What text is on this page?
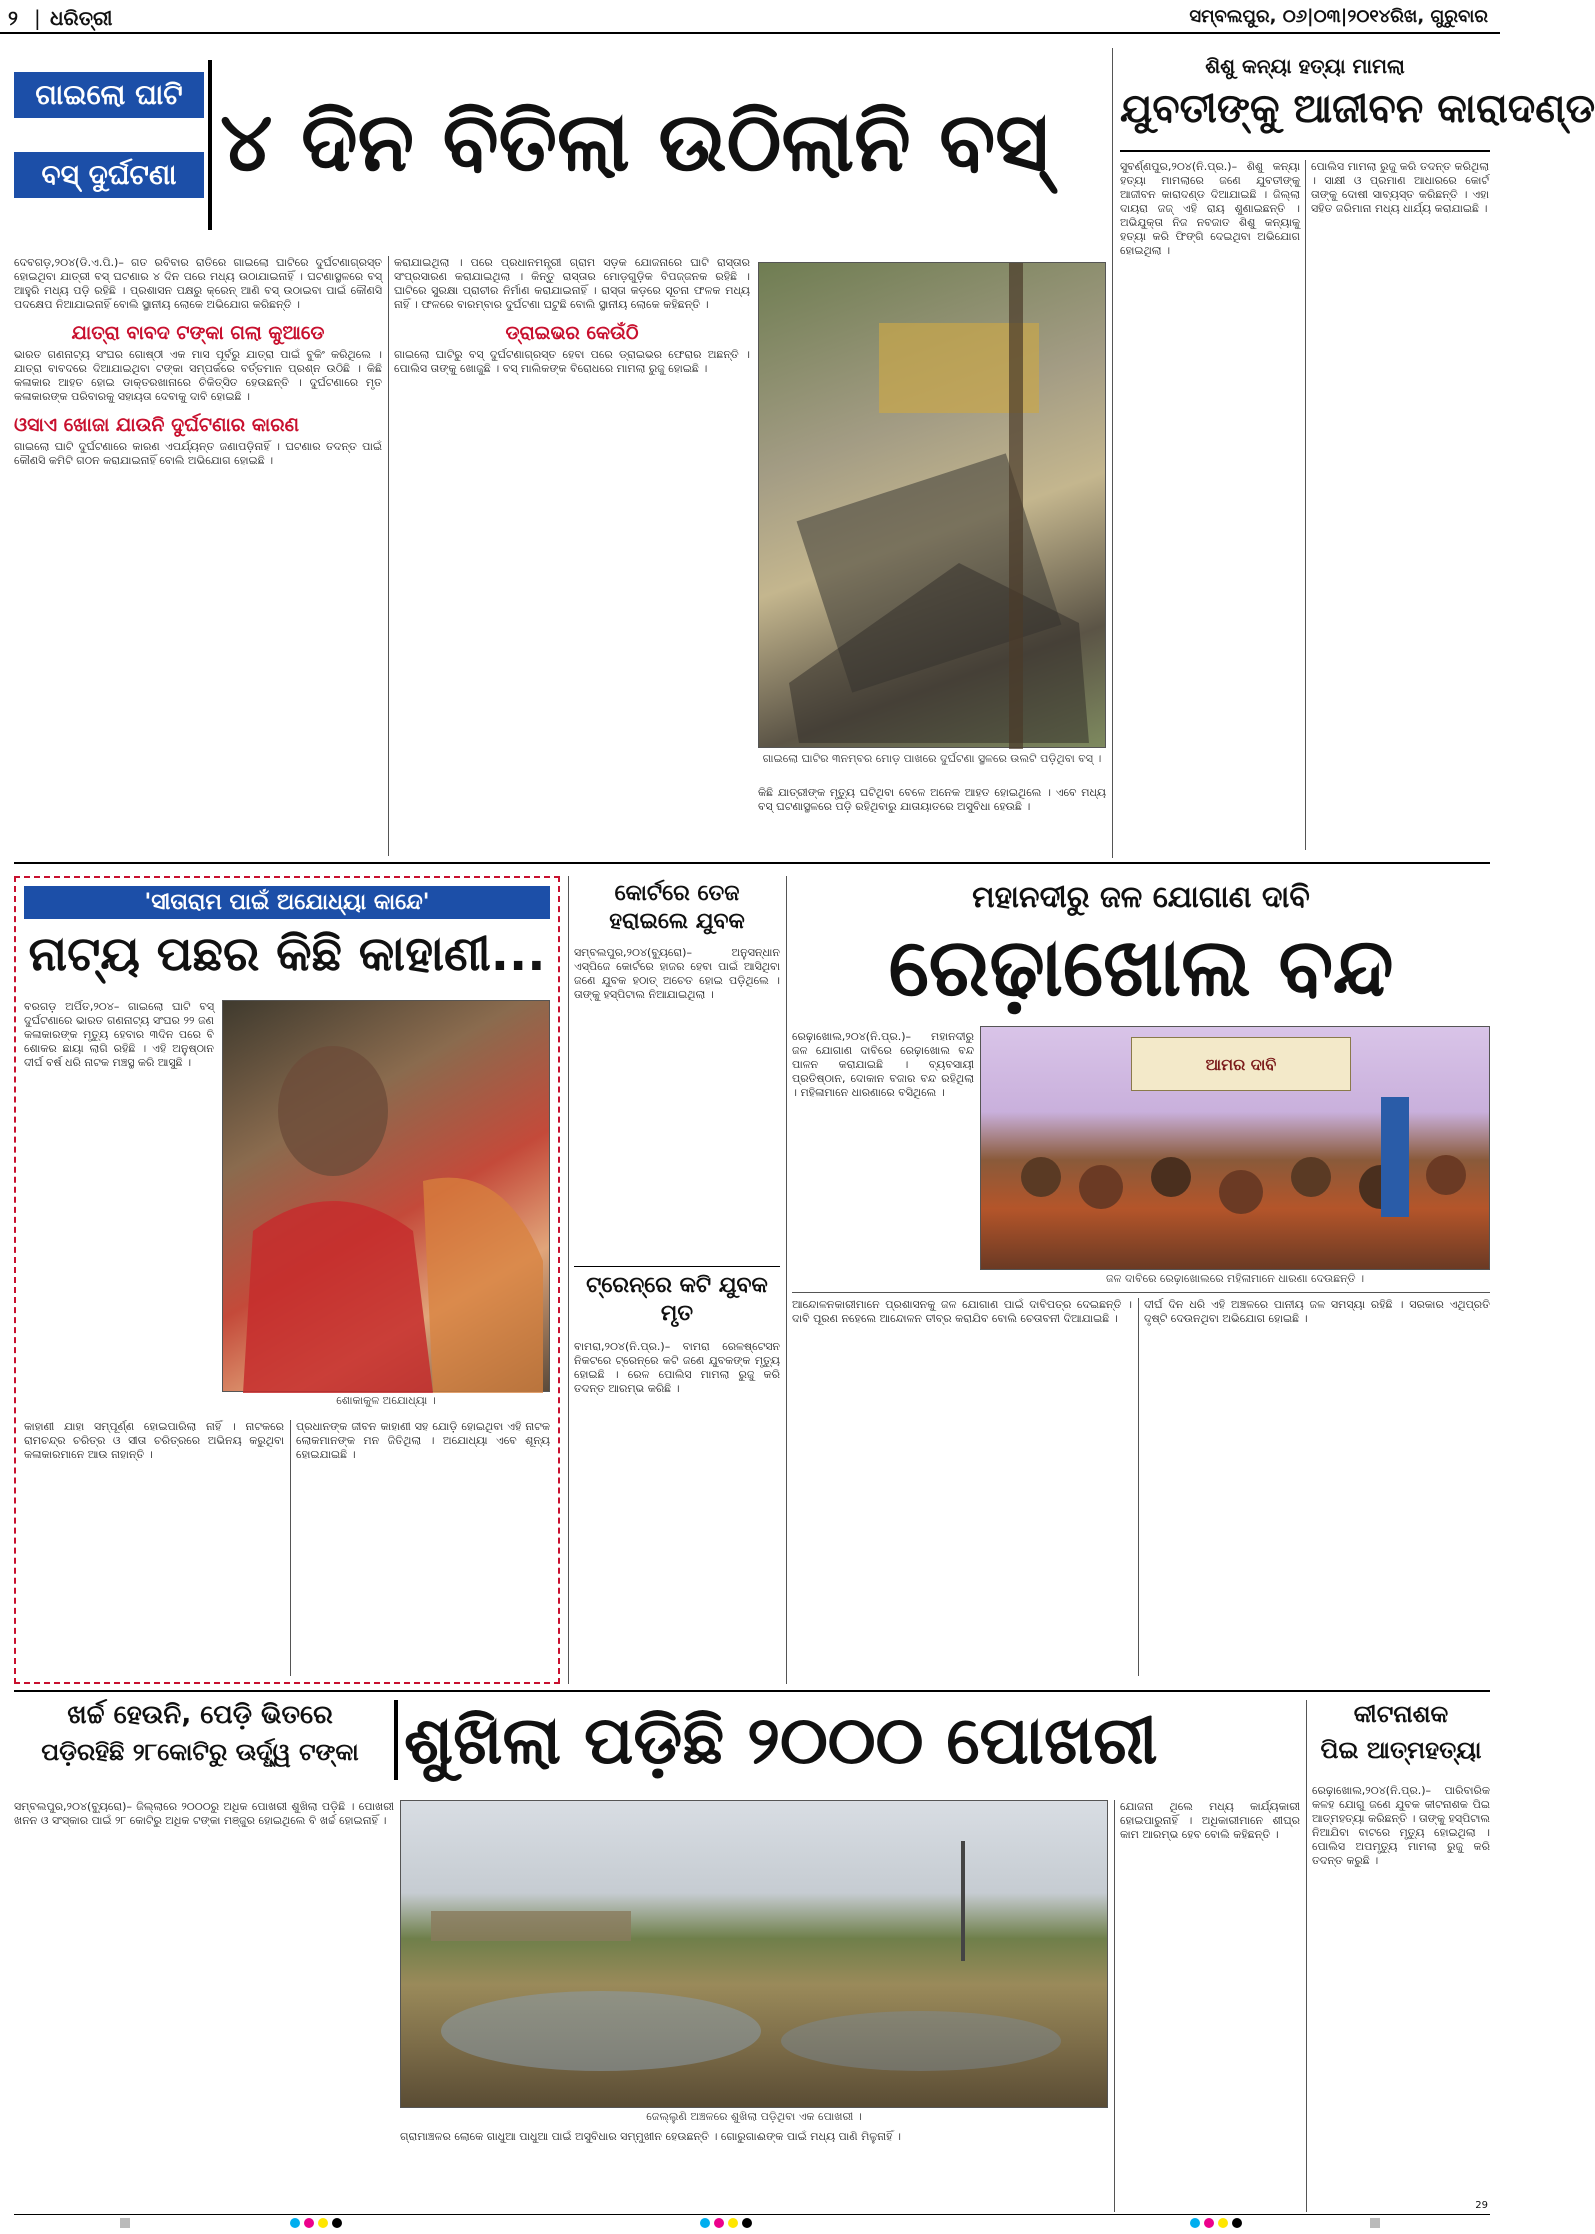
୨ | ଧରିତ୍ରୀ	ସମ୍ବଲପୁର, ୦୬|୦୩|୨୦୧୪ରିଖ, ଗୁରୁବାର
ଗାଇଲୋ ଘାଟି
ବସ୍ ଦୁର୍ଘଟଣା ୪ ଦିନ ବିତିଲା ଉଠିଲାନି ବସ୍

ଦେବଗଡ଼,୨୦୪(ଡି.ଏ.ପି.)– ଗତ ରବିବାର ରାତିରେ ଗାଇଲୋ ଘାଟିରେ ଦୁର୍ଘଟଣାଗ୍ରସ୍ତ ହୋଇଥିବା ଯାତ୍ରୀ ବସ୍ ଘଟଣାର ୪ ଦିନ ପରେ ମଧ୍ୟ ଉଠାଯାଇନାହିଁ । ଘଟଣାସ୍ଥଳରେ ବସ୍ ଆହୁରି ମଧ୍ୟ ପଡ଼ି ରହିଛି । ପ୍ରଶାସନ ପକ୍ଷରୁ କ୍ରେନ୍ ଆଣି ବସ୍ ଉଠାଇବା ପାଇଁ କୌଣସି ପଦକ୍ଷେପ ନିଆଯାଇନାହିଁ ବୋଲି ସ୍ଥାନୀୟ ଲୋକେ ଅଭିଯୋଗ କରିଛନ୍ତି ।

ଯାତ୍ରା ବାବଦ ଟଙ୍କା ଗଲା କୁଆଡେ

ଭାରତ ଗଣନାଟ୍ୟ ସଂଘର ଗୋଷ୍ଠୀ ଏକ ମାସ ପୂର୍ବରୁ ଯାତ୍ରା ପାଇଁ ବୁକିଂ କରିଥିଲେ । ଯାତ୍ରା ବାବଦରେ ଦିଆଯାଇଥିବା ଟଙ୍କା ସମ୍ପର୍କରେ ବର୍ତ୍ତମାନ ପ୍ରଶ୍ନ ଉଠିଛି । କିଛି କଳାକାର ଆହତ ହୋଇ ଡାକ୍ତରଖାନାରେ ଚିକିତ୍ସିତ ହେଉଛନ୍ତି । ଦୁର୍ଘଟଣାରେ ମୃତ କଳାକାରଙ୍କ ପରିବାରକୁ ସହାୟତା ଦେବାକୁ ଦାବି ହୋଇଛି ।

ଓସାଏ ଖୋଜା ଯାଉନି ଦୁର୍ଘଟଣାର କାରଣ

ଗାଇଲୋ ଘାଟି ଦୁର୍ଘଟଣାରେ କାରଣ ଏପର୍ଯ୍ୟନ୍ତ ଜଣାପଡ଼ିନାହିଁ । ଘଟଣାର ତଦନ୍ତ ପାଇଁ କୌଣସି କମିଟି ଗଠନ କରାଯାଇନାହିଁ ବୋଲି ଅଭିଯୋଗ ହୋଇଛି ।

କରାଯାଇଥିଲା । ପରେ ପ୍ରଧାନମନ୍ତ୍ରୀ ଗ୍ରାମ ସଡ଼କ ଯୋଜନାରେ ଘାଟି ରାସ୍ତାର ସଂପ୍ରସାରଣ କରାଯାଇଥିଲା । କିନ୍ତୁ ରାସ୍ତାର ମୋଡ଼ଗୁଡ଼ିକ ବିପଜ୍ଜନକ ରହିଛି । ଘାଟିରେ ସୁରକ୍ଷା ପ୍ରାଚୀର ନିର୍ମାଣ କରାଯାଇନାହିଁ । ରାସ୍ତା କଡ଼ରେ ସୂଚନା ଫଳକ ମଧ୍ୟ ନାହିଁ । ଫଳରେ ବାରମ୍ବାର ଦୁର୍ଘଟଣା ଘଟୁଛି ବୋଲି ସ୍ଥାନୀୟ ଲୋକେ କହିଛନ୍ତି ।

ଡ୍ରାଇଭର କେଉଁଠି

ଗାଇଲୋ ଘାଟିରୁ ବସ୍ ଦୁର୍ଘଟଣାଗ୍ରସ୍ତ ହେବା ପରେ ଡ୍ରାଇଭର ଫେରାର ଅଛନ୍ତି । ପୋଲିସ ତାଙ୍କୁ ଖୋଜୁଛି । ବସ୍ ମାଲିକଙ୍କ ବିରୋଧରେ ମାମଲା ରୁଜୁ ହୋଇଛି ।

ଗାଇଲୋ ଘାଟିର ୩ନମ୍ବର ମୋଡ଼ ପାଖରେ ଦୁର୍ଘଟଣା ସ୍ଥଳରେ ଉଲଟି ପଡ଼ିଥିବା ବସ୍ ।

କିଛି ଯାତ୍ରୀଙ୍କ ମୃତ୍ୟୁ ଘଟିଥିବା ବେଳେ ଅନେକ ଆହତ ହୋଇଥିଲେ । ଏବେ ମଧ୍ୟ ବସ୍ ଘଟଣାସ୍ଥଳରେ ପଡ଼ି ରହିଥିବାରୁ ଯାତାୟାତରେ ଅସୁବିଧା ହେଉଛି ।

ଶିଶୁ କନ୍ୟା ହତ୍ୟା ମାମଲା
ଯୁବତୀଙ୍କୁ ଆଜୀବନ କାରାଦଣ୍ଡ

ସୁବର୍ଣ୍ଣପୁର,୨୦୪(ନି.ପ୍ର.)– ଶିଶୁ କନ୍ୟା ହତ୍ୟା ମାମଲାରେ ଜଣେ ଯୁବତୀଙ୍କୁ ଆଜୀବନ କାରାଦଣ୍ଡ ଦିଆଯାଇଛି । ଜିଲ୍ଲା ଦାୟରା ଜଜ୍ ଏହି ରାୟ ଶୁଣାଇଛନ୍ତି । ଅଭିଯୁକ୍ତା ନିଜ ନବଜାତ ଶିଶୁ କନ୍ୟାକୁ ହତ୍ୟା କରି ଫିଙ୍ଗି ଦେଇଥିବା ଅଭିଯୋଗ ହୋଇଥିଲା ।

ପୋଲିସ ମାମଲା ରୁଜୁ କରି ତଦନ୍ତ କରିଥିଲା । ସାକ୍ଷୀ ଓ ପ୍ରମାଣ ଆଧାରରେ କୋର୍ଟ ତାଙ୍କୁ ଦୋଷୀ ସାବ୍ୟସ୍ତ କରିଛନ୍ତି । ଏହା ସହିତ ଜରିମାନା ମଧ୍ୟ ଧାର୍ଯ୍ୟ କରାଯାଇଛି ।

'ସୀତାରାମ ପାଇଁ ଅଯୋଧ୍ୟା କାନ୍ଦେ'
ନାଟ୍ୟ ପଛର କିଛି କାହାଣୀ...

ବରଗଡ଼ ଅର୍ପିତ,୨୦୪– ଗାଇଲୋ ଘାଟି ବସ୍ ଦୁର୍ଘଟଣାରେ ଭାରତ ଗଣନାଟ୍ୟ ସଂଘର ୨୨ ଜଣ କଳାକାରଙ୍କ ମୃତ୍ୟୁ ହେବାର ୩ଦିନ ପରେ ବି ଶୋକର ଛାୟା ଲାଗି ରହିଛି । ଏହି ଅନୁଷ୍ଠାନ ଦୀର୍ଘ ବର୍ଷ ଧରି ନାଟକ ମଞ୍ଚସ୍ଥ କରି ଆସୁଛି ।

ଶୋକାକୁଳ ଅଯୋଧ୍ୟା ।

କାହାଣୀ ଯାହା ସମ୍ପୂର୍ଣ୍ଣ ହୋଇପାରିଲା ନାହିଁ । ନାଟକରେ ରାମଚନ୍ଦ୍ର ଚରିତ୍ର ଓ ସୀତା ଚରିତ୍ରରେ ଅଭିନୟ କରୁଥିବା କଳାକାରମାନେ ଆଉ ନାହାନ୍ତି ।

ପ୍ରଧାନଙ୍କ ଜୀବନ କାହାଣୀ ସହ ଯୋଡ଼ି ହୋଇଥିବା ଏହି ନାଟକ ଲୋକମାନଙ୍କ ମନ ଜିତିଥିଲା । ଅଯୋଧ୍ୟା ଏବେ ଶୂନ୍ୟ ହୋଇଯାଇଛି ।

କୋର୍ଟରେ ତେଜ ହରାଇଲେ ଯୁବକ

ସମ୍ବଲପୁର,୨୦୪(ବ୍ୟୁରୋ)– ଅନୁସନ୍ଧାନ ଏସ୍ପିଜେ କୋର୍ଟରେ ହାଜର ହେବା ପାଇଁ ଆସିଥିବା ଜଣେ ଯୁବକ ହଠାତ୍ ଅଚେତ ହୋଇ ପଡ଼ିଥିଲେ । ତାଙ୍କୁ ହସ୍ପିଟାଲ ନିଆଯାଇଥିଲା ।

ଟ୍ରେନ୍‌ରେ କଟି ଯୁବକ ମୃତ

ବାମରା,୨୦୪(ନି.ପ୍ର.)– ବାମରା ରେଳଷ୍ଟେସନ ନିକଟରେ ଟ୍ରେନ୍‌ରେ କଟି ଜଣେ ଯୁବକଙ୍କ ମୃତ୍ୟୁ ହୋଇଛି । ରେଳ ପୋଲିସ ମାମଲା ରୁଜୁ କରି ତଦନ୍ତ ଆରମ୍ଭ କରିଛି ।

ମହାନଦୀରୁ ଜଳ ଯୋଗାଣ ଦାବି
ରେଢ଼ାଖୋଲ ବନ୍ଦ

ରେଢ଼ାଖୋଲ,୨୦୪(ନି.ପ୍ର.)– ମହାନଦୀରୁ ଜଳ ଯୋଗାଣ ଦାବିରେ ରେଢ଼ାଖୋଲ ବନ୍ଦ ପାଳନ କରାଯାଇଛି । ବ୍ୟବସାୟୀ ପ୍ରତିଷ୍ଠାନ, ଦୋକାନ ବଜାର ବନ୍ଦ ରହିଥିଲା । ମହିଳାମାନେ ଧାରଣାରେ ବସିଥିଲେ ।

ଆମର ଦାବି
ଜଳ ଦାବିରେ ରେଢ଼ାଖୋଲରେ ମହିଳାମାନେ ଧାରଣା ଦେଉଛନ୍ତି ।

ଆନ୍ଦୋଳନକାରୀମାନେ ପ୍ରଶାସନକୁ ଜଳ ଯୋଗାଣ ପାଇଁ ଦାବିପତ୍ର ଦେଇଛନ୍ତି । ଦାବି ପୂରଣ ନହେଲେ ଆନ୍ଦୋଳନ ତୀବ୍ର କରାଯିବ ବୋଲି ଚେତାବନୀ ଦିଆଯାଇଛି ।

ଦୀର୍ଘ ଦିନ ଧରି ଏହି ଅଞ୍ଚଳରେ ପାନୀୟ ଜଳ ସମସ୍ୟା ରହିଛି । ସରକାର ଏଥିପ୍ରତି ଦୃଷ୍ଟି ଦେଉନଥିବା ଅଭିଯୋଗ ହୋଇଛି ।

ଖର୍ଚ୍ଚ ହେଉନି, ପେଡ଼ି ଭିତରେ
ପଡ଼ିରହିଛି ୨୮କୋଟିରୁ ଊର୍ଦ୍ଧ୍ୱ ଟଙ୍କା ଶୁଖିଲା ପଡ଼ିଛି ୨୦୦୦ ପୋଖରୀ

ସମ୍ବଲପୁର,୨୦୪(ବ୍ୟୁରୋ)– ଜିଲ୍ଲାରେ ୨୦୦୦ରୁ ଅଧିକ ପୋଖରୀ ଶୁଖିଲା ପଡ଼ିଛି । ପୋଖରୀ ଖନନ ଓ ସଂସ୍କାର ପାଇଁ ୨୮ କୋଟିରୁ ଅଧିକ ଟଙ୍କା ମଞ୍ଜୁର ହୋଇଥିଲେ ବି ଖର୍ଚ୍ଚ ହୋଇନାହିଁ ।

ଜେଲ୍ଲୁଣି ଅଞ୍ଚଳରେ ଶୁଖିଲା ପଡ଼ିଥିବା ଏକ ପୋଖରୀ ।

ଗ୍ରାମାଞ୍ଚଳର ଲୋକେ ଗାଧୁଆ ପାଧୁଆ ପାଇଁ ଅସୁବିଧାର ସମ୍ମୁଖୀନ ହେଉଛନ୍ତି । ଗୋରୁଗାଈଙ୍କ ପାଇଁ ମଧ୍ୟ ପାଣି ମିଳୁନାହିଁ ।

ଯୋଜନା ଥିଲେ ମଧ୍ୟ କାର୍ଯ୍ୟକାରୀ ହୋଇପାରୁନାହିଁ । ଅଧିକାରୀମାନେ ଶୀଘ୍ର କାମ ଆରମ୍ଭ ହେବ ବୋଲି କହିଛନ୍ତି ।

କୀଟନାଶକ
ପିଇ ଆତ୍ମହତ୍ୟା

ରେଢ଼ାଖୋଲ,୨୦୪(ନି.ପ୍ର.)– ପାରିବାରିକ କଳହ ଯୋଗୁ ଜଣେ ଯୁବକ କୀଟନାଶକ ପିଇ ଆତ୍ମହତ୍ୟା କରିଛନ୍ତି । ତାଙ୍କୁ ହସ୍ପିଟାଲ ନିଆଯିବା ବାଟରେ ମୃତ୍ୟୁ ହୋଇଥିଲା । ପୋଲିସ ଅପମୃତ୍ୟୁ ମାମଲା ରୁଜୁ କରି ତଦନ୍ତ କରୁଛି ।

29
